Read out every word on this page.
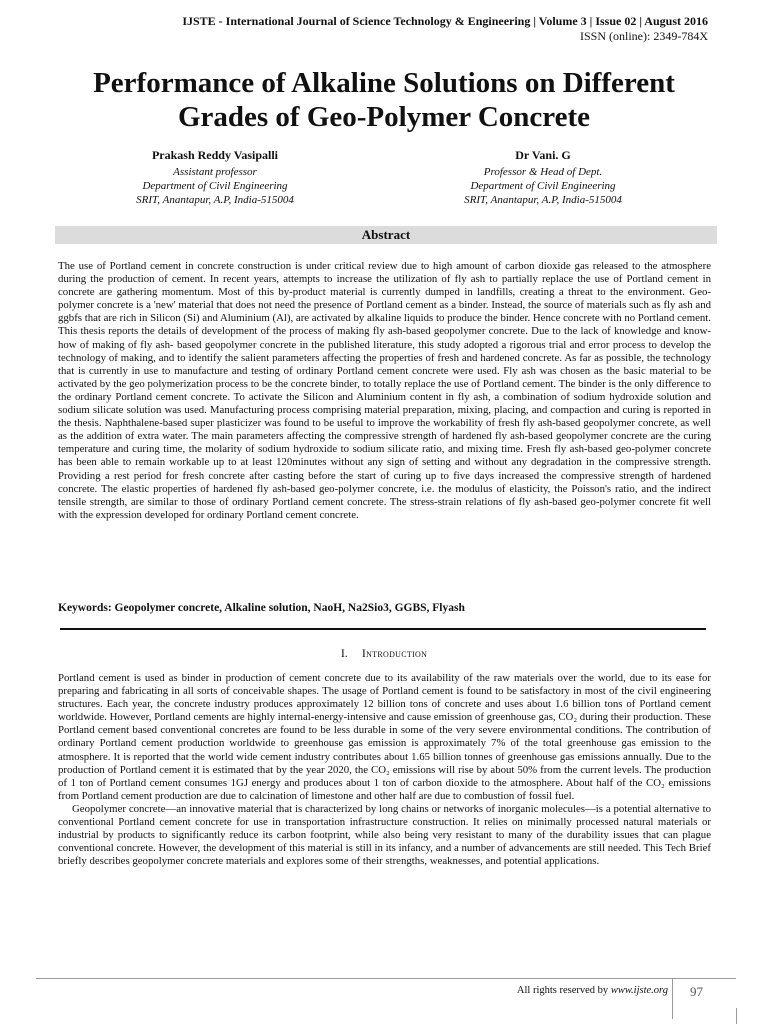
IJSTE - International Journal of Science Technology & Engineering | Volume 3 | Issue 02 | August 2016
ISSN (online): 2349-784X
Performance of Alkaline Solutions on Different
Grades of Geo-Polymer Concrete
Prakash Reddy Vasipalli
Assistant professor
Department of Civil Engineering
SRIT, Anantapur, A.P, India-515004
Dr Vani. G
Professor & Head of Dept.
Department of Civil Engineering
SRIT, Anantapur, A.P, India-515004
Abstract

The use of Portland cement in concrete construction is under critical review due to high amount of carbon dioxide gas released to the atmosphere during the production of cement. In recent years, attempts to increase the utilization of fly ash to partially replace the use of Portland cement in concrete are gathering momentum. Most of this by-product material is currently dumped in landfills, creating a threat to the environment. Geo-polymer concrete is a 'new' material that does not need the presence of Portland cement as a binder. Instead, the source of materials such as fly ash and ggbfs that are rich in Silicon (Si) and Aluminium (Al), are activated by alkaline liquids to produce the binder. Hence concrete with no Portland cement. This thesis reports the details of development of the process of making fly ash-based geopolymer concrete. Due to the lack of knowledge and know-how of making of fly ash- based geopolymer concrete in the published literature, this study adopted a rigorous trial and error process to develop the technology of making, and to identify the salient parameters affecting the properties of fresh and hardened concrete. As far as possible, the technology that is currently in use to manufacture and testing of ordinary Portland cement concrete were used. Fly ash was chosen as the basic material to be activated by the geo polymerization process to be the concrete binder, to totally replace the use of Portland cement. The binder is the only difference to the ordinary Portland cement concrete. To activate the Silicon and Aluminium content in fly ash, a combination of sodium hydroxide solution and sodium silicate solution was used. Manufacturing process comprising material preparation, mixing, placing, and compaction and curing is reported in the thesis. Naphthalene-based super plasticizer was found to be useful to improve the workability of fresh fly ash-based geopolymer concrete, as well as the addition of extra water. The main parameters affecting the compressive strength of hardened fly ash-based geopolymer concrete are the curing temperature and curing time, the molarity of sodium hydroxide to sodium silicate ratio, and mixing time. Fresh fly ash-based geo-polymer concrete has been able to remain workable up to at least 120minutes without any sign of setting and without any degradation in the compressive strength. Providing a rest period for fresh concrete after casting before the start of curing up to five days increased the compressive strength of hardened concrete. The elastic properties of hardened fly ash-based geo-polymer concrete, i.e. the modulus of elasticity, the Poisson's ratio, and the indirect tensile strength, are similar to those of ordinary Portland cement concrete. The stress-strain relations of fly ash-based geo-polymer concrete fit well with the expression developed for ordinary Portland cement concrete.

Keywords: Geopolymer concrete, Alkaline solution, NaoH, Na2Sio3, GGBS, Flyash

I. Introduction

Portland cement is used as binder in production of cement concrete due to its availability of the raw materials over the world, due to its ease for preparing and fabricating in all sorts of conceivable shapes. The usage of Portland cement is found to be satisfactory in most of the civil engineering structures. Each year, the concrete industry produces approximately 12 billion tons of concrete and uses about 1.6 billion tons of Portland cement worldwide. However, Portland cements are highly internal-energy-intensive and cause emission of greenhouse gas, CO₂ during their production. These Portland cement based conventional concretes are found to be less durable in some of the very severe environmental conditions. The contribution of ordinary Portland cement production worldwide to greenhouse gas emission is approximately 7% of the total greenhouse gas emission to the atmosphere. It is reported that the world wide cement industry contributes about 1.65 billion tonnes of greenhouse gas emissions annually. Due to the production of Portland cement it is estimated that by the year 2020, the CO₂ emissions will rise by about 50% from the current levels. The production of 1 ton of Portland cement consumes 1GJ energy and produces about 1 ton of carbon dioxide to the atmosphere. About half of the CO₂ emissions from Portland cement production are due to calcination of limestone and other half are due to combustion of fossil fuel.

Geopolymer concrete—an innovative material that is characterized by long chains or networks of inorganic molecules—is a potential alternative to conventional Portland cement concrete for use in transportation infrastructure construction. It relies on minimally processed natural materials or industrial by products to significantly reduce its carbon footprint, while also being very resistant to many of the durability issues that can plague conventional concrete. However, the development of this material is still in its infancy, and a number of advancements are still needed. This Tech Brief briefly describes geopolymer concrete materials and explores some of their strengths, weaknesses, and potential applications.

All rights reserved by www.ijste.org 97
